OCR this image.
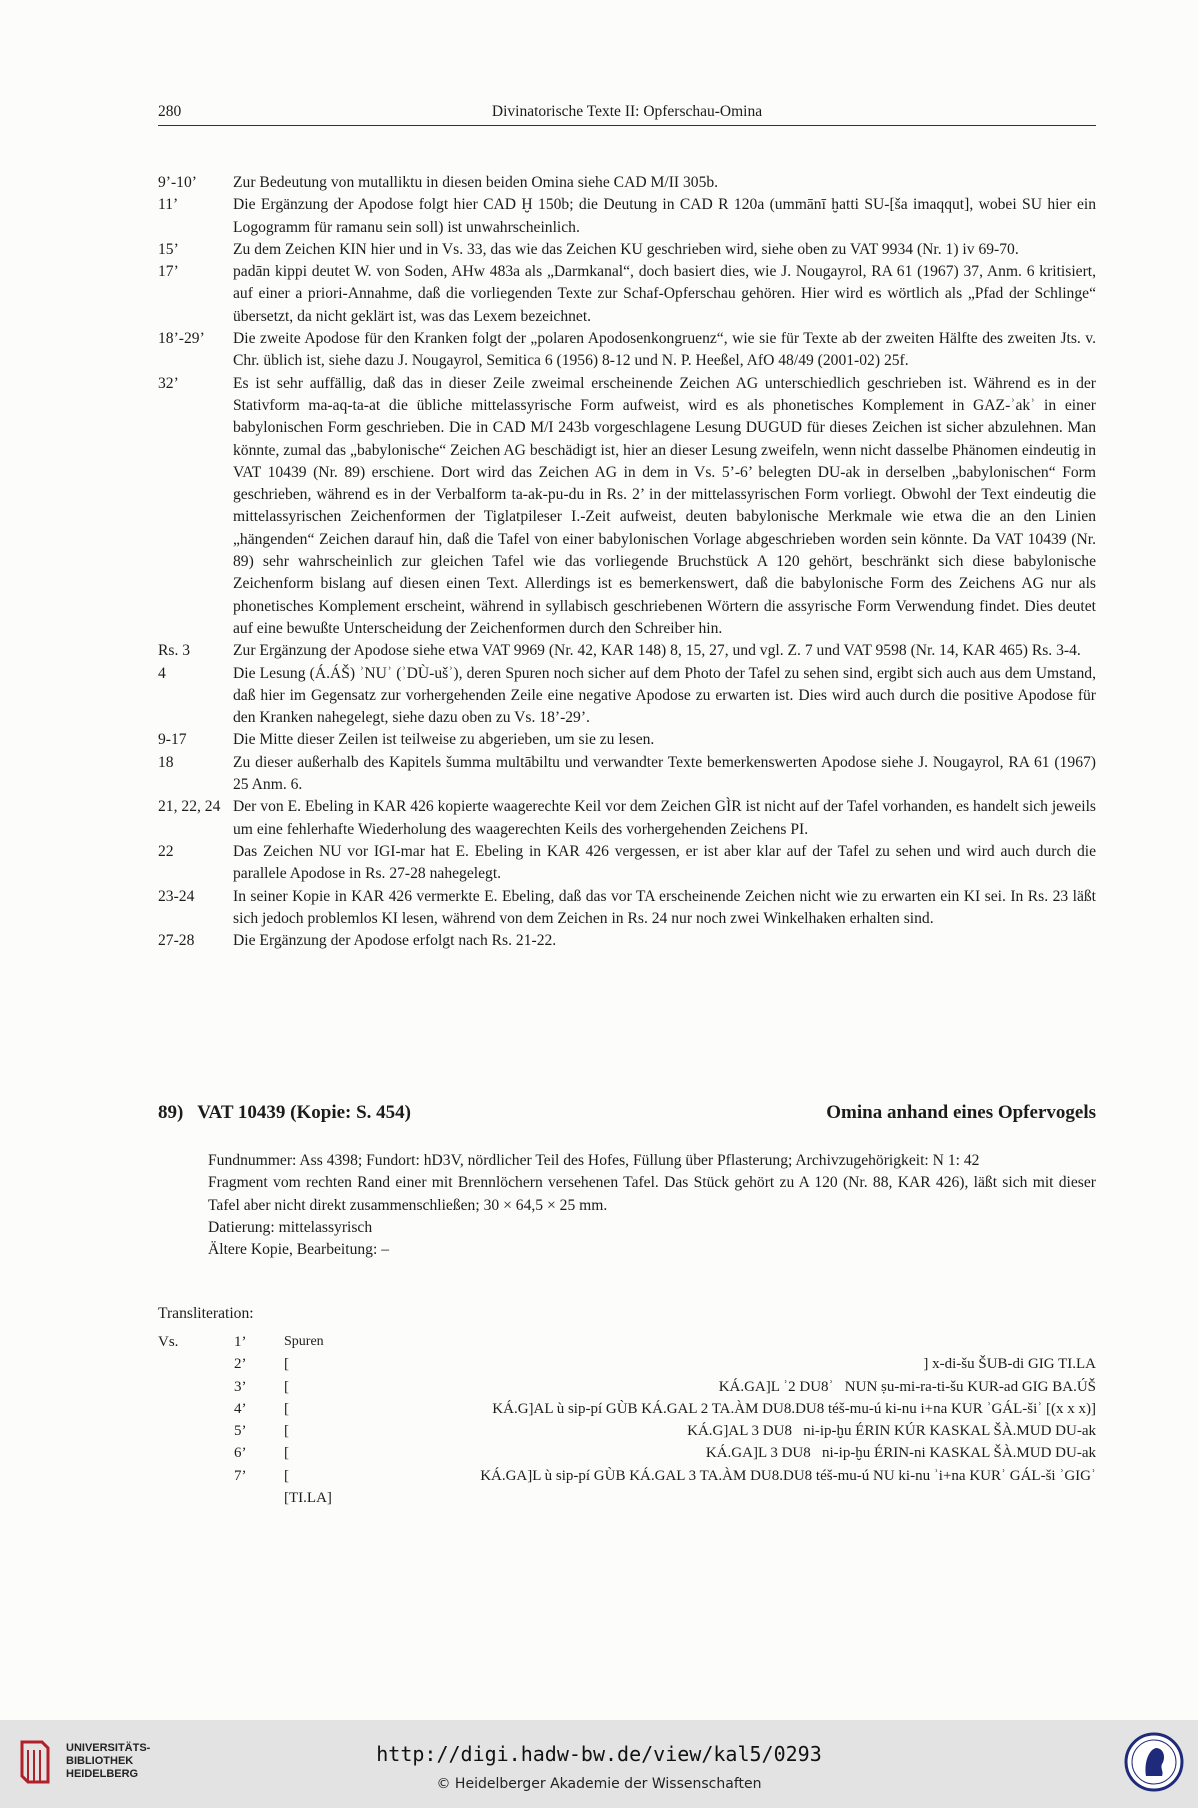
280	Divinatorische Texte II: Opferschau-Omina
9’-10’	Zur Bedeutung von mutalliktu in diesen beiden Omina siehe CAD M/II 305b.
11’	Die Ergänzung der Apodose folgt hier CAD Ḫ 150b; die Deutung in CAD R 120a (ummānī ḫatti SU-[ša imaqqut], wobei SU hier ein Logogramm für ramanu sein soll) ist unwahrscheinlich.
15’	Zu dem Zeichen KIN hier und in Vs. 33, das wie das Zeichen KU geschrieben wird, siehe oben zu VAT 9934 (Nr. 1) iv 69-70.
17’	padān kippi deutet W. von Soden, AHw 483a als „Darmkanal“, doch basiert dies, wie J. Nougayrol, RA 61 (1967) 37, Anm. 6 kritisiert, auf einer a priori-Annahme, daß die vorliegenden Texte zur Schaf-Opferschau gehören. Hier wird es wörtlich als „Pfad der Schlinge“ übersetzt, da nicht geklärt ist, was das Lexem bezeichnet.
18’-29’	Die zweite Apodose für den Kranken folgt der „polaren Apodosenkongruenz“, wie sie für Texte ab der zweiten Hälfte des zweiten Jts. v. Chr. üblich ist, siehe dazu J. Nougayrol, Semitica 6 (1956) 8-12 und N. P. Heeßel, AfO 48/49 (2001-02) 25f.
32’	Es ist sehr auffällig, daß das in dieser Zeile zweimal erscheinende Zeichen AG unterschiedlich geschrieben ist. Während es in der Stativform ma-aq-ta-at die übliche mittelassyrische Form aufweist, wird es als phonetisches Komplement in GAZ-ʾakʾ in einer babylonischen Form geschrieben. Die in CAD M/I 243b vorgeschlagene Lesung DUGUD für dieses Zeichen ist sicher abzulehnen. Man könnte, zumal das „babylonische“ Zeichen AG beschädigt ist, hier an dieser Lesung zweifeln, wenn nicht dasselbe Phänomen eindeutig in VAT 10439 (Nr. 89) erschiene. Dort wird das Zeichen AG in dem in Vs. 5’-6’ belegten DU-ak in derselben „babylonischen“ Form geschrieben, während es in der Verbalform ta-ak-pu-du in Rs. 2’ in der mittelassyrischen Form vorliegt. Obwohl der Text eindeutig die mittelassyrischen Zeichenformen der Tiglatpileser I.-Zeit aufweist, deuten babylonische Merkmale wie etwa die an den Linien „hängenden“ Zeichen darauf hin, daß die Tafel von einer babylonischen Vorlage abgeschrieben worden sein könnte. Da VAT 10439 (Nr. 89) sehr wahrscheinlich zur gleichen Tafel wie das vorliegende Bruchstück A 120 gehört, beschränkt sich diese babylonische Zeichenform bislang auf diesen einen Text. Allerdings ist es bemerkenswert, daß die babylonische Form des Zeichens AG nur als phonetisches Komplement erscheint, während in syllabisch geschriebenen Wörtern die assyrische Form Verwendung findet. Dies deutet auf eine bewußte Unterscheidung der Zeichenformen durch den Schreiber hin.
Rs. 3	Zur Ergänzung der Apodose siehe etwa VAT 9969 (Nr. 42, KAR 148) 8, 15, 27, und vgl. Z. 7 und VAT 9598 (Nr. 14, KAR 465) Rs. 3-4.
4	Die Lesung (Á.ÁŠ) ʾNUʾ (ʾDÙ-ušʾ), deren Spuren noch sicher auf dem Photo der Tafel zu sehen sind, ergibt sich auch aus dem Umstand, daß hier im Gegensatz zur vorhergehenden Zeile eine negative Apodose zu erwarten ist. Dies wird auch durch die positive Apodose für den Kranken nahegelegt, siehe dazu oben zu Vs. 18’-29’.
9-17	Die Mitte dieser Zeilen ist teilweise zu abgerieben, um sie zu lesen.
18	Zu dieser außerhalb des Kapitels šumma multābiltu und verwandter Texte bemerkenswerten Apodose siehe J. Nougayrol, RA 61 (1967) 25 Anm. 6.
21, 22, 24 Der von E. Ebeling in KAR 426 kopierte waagerechte Keil vor dem Zeichen GÌR ist nicht auf der Tafel vorhanden, es handelt sich jeweils um eine fehlerhafte Wiederholung des waagerechten Keils des vorhergehenden Zeichens PI.
22	Das Zeichen NU vor IGI-mar hat E. Ebeling in KAR 426 vergessen, er ist aber klar auf der Tafel zu sehen und wird auch durch die parallele Apodose in Rs. 27-28 nahegelegt.
23-24	In seiner Kopie in KAR 426 vermerkte E. Ebeling, daß das vor TA erscheinende Zeichen nicht wie zu erwarten ein KI sei. In Rs. 23 läßt sich jedoch problemlos KI lesen, während von dem Zeichen in Rs. 24 nur noch zwei Winkelhaken erhalten sind.
27-28	Die Ergänzung der Apodose erfolgt nach Rs. 21-22.
89)   VAT 10439 (Kopie: S. 454)	Omina anhand eines Opfervogels
Fundnummer: Ass 4398; Fundort: hD3V, nördlicher Teil des Hofes, Füllung über Pflasterung; Archivzugehörigkeit: N 1: 42
Fragment vom rechten Rand einer mit Brennlöchern versehenen Tafel. Das Stück gehört zu A 120 (Nr. 88, KAR 426), läßt sich mit dieser Tafel aber nicht direkt zusammenschließen; 30 × 64,5 × 25 mm.
Datierung: mittelassyrisch
Ältere Kopie, Bearbeitung: –
Transliteration:
Vs.	1’	Spuren
2’	[	] x-di-šu ŠUB-di GIG TI.LA
3’	[	KÁ.GA]L ʾ2 DU8ʾ   NUN ṣu-mi-ra-ti-šu KUR-ad GIG BA.ÚŠ
4’	[	KÁ.G]AL ù sip-pí GÙB KÁ.GAL 2 TA.ÀM DU8.DU8 téš-mu-ú ki-nu i+na KUR ʾGÁL-šiʾ [(x x x)]
5’	[	KÁ.G]AL 3 DU8   ni-ip-ḫu ÉRIN KÚR KASKAL ŠÀ.MUD DU-ak
6’	[	KÁ.GA]L 3 DU8   ni-ip-ḫu ÉRIN-ni KASKAL ŠÀ.MUD DU-ak
7’	[	KÁ.GA]L ù sip-pí GÙB KÁ.GAL 3 TA.ÀM DU8.DU8 téš-mu-ú NU ki-nu ʾi+na KURʾ GÁL-ši ʾGIGʾ
[TI.LA]
UNIVERSITÄTS- BIBLIOTHEK HEIDELBERG
http://digi.hadw-bw.de/view/kal5/0293
© Heidelberger Akademie der Wissenschaften
